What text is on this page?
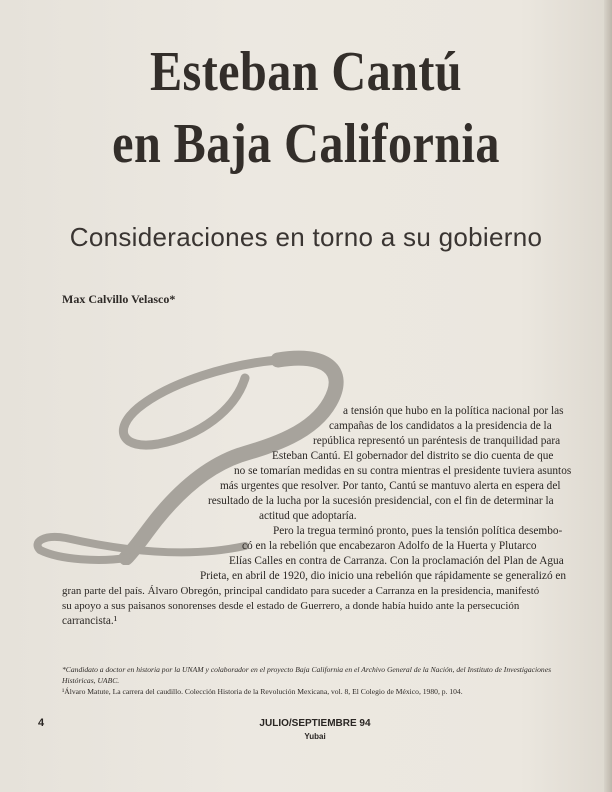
Esteban Cantú
en Baja California
Consideraciones en torno a su gobierno
Max Calvillo Velasco*
a tensión que hubo en la política nacional por las
campañas de los candidatos a la presidencia de la
república representó un paréntesis de tranquilidad para
Esteban Cantú. El gobernador del distrito se dio cuenta de que
no se tomarían medidas en su contra mientras el presidente tuviera asuntos
más urgentes que resolver. Por tanto, Cantú se mantuvo alerta en espera del
resultado de la lucha por la sucesión presidencial, con el fin de determinar la
actitud que adoptaría.
Pero la tregua terminó pronto, pues la tensión política desembo-
có en la rebelión que encabezaron Adolfo de la Huerta y Plutarco
Elías Calles en contra de Carranza. Con la proclamación del Plan de Agua
Prieta, en abril de 1920, dio inicio una rebelión que rápidamente se generalizó en
gran parte del país. Álvaro Obregón, principal candidato para suceder a Carranza en la presidencia, manifestó
su apoyo a sus paisanos sonorenses desde el estado de Guerrero, a donde había huido ante la persecución
carrancista.¹
*Candidato a doctor en historia por la UNAM y colaborador en el proyecto Baja California en el Archivo General de la Nación, del Instituto de Investigaciones Históricas, UABC.
¹Álvaro Matute, La carrera del caudillo. Colección Historia de la Revolución Mexicana, vol. 8, El Colegio de México, 1980, p. 104.
4	JULIO/SEPTIEMBRE 94
Yubai
